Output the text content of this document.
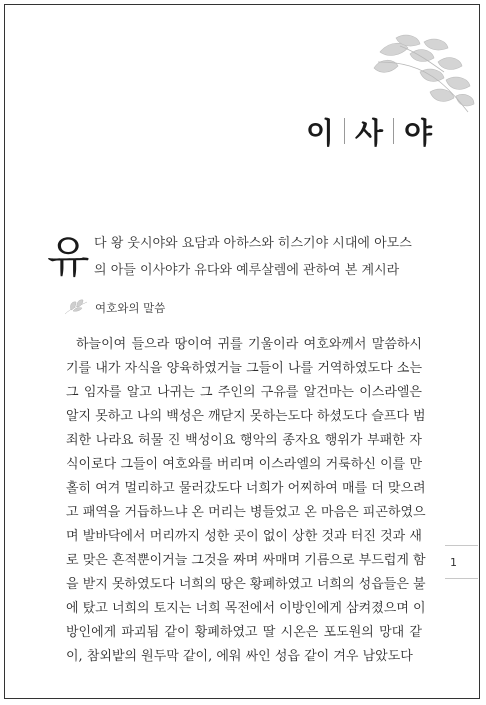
이 사 야
유 다 왕 웃시야와 요담과 아하스와 히스기야 시대에 아모스
의 아들 이사야가 유다와 예루살렘에 관하여 본 계시라
여호와의 말씀
하늘이여 들으라 땅이여 귀를 기울이라 여호와께서 말씀하시
기를 내가 자식을 양육하였거늘 그들이 나를 거역하였도다 소는
그 임자를 알고 나귀는 그 주인의 구유를 알건마는 이스라엘은
알지 못하고 나의 백성은 깨닫지 못하는도다 하셨도다 슬프다 범
죄한 나라요 허물 진 백성이요 행악의 종자요 행위가 부패한 자
식이로다 그들이 여호와를 버리며 이스라엘의 거룩하신 이를 만
홀히 여겨 멀리하고 물러갔도다 너희가 어찌하여 매를 더 맞으려
고 패역을 거듭하느냐 온 머리는 병들었고 온 마음은 피곤하였으
며 발바닥에서 머리까지 성한 곳이 없이 상한 것과 터진 것과 새
로 맞은 흔적뿐이거늘 그것을 짜며 싸매며 기름으로 부드럽게 함
을 받지 못하였도다 너희의 땅은 황폐하였고 너희의 성읍들은 불
에 탔고 너희의 토지는 너희 목전에서 이방인에게 삼켜졌으며 이
방인에게 파괴됨 같이 황폐하였고 딸 시온은 포도원의 망대 같
이, 참외밭의 원두막 같이, 에워 싸인 성읍 같이 겨우 남았도다
1
